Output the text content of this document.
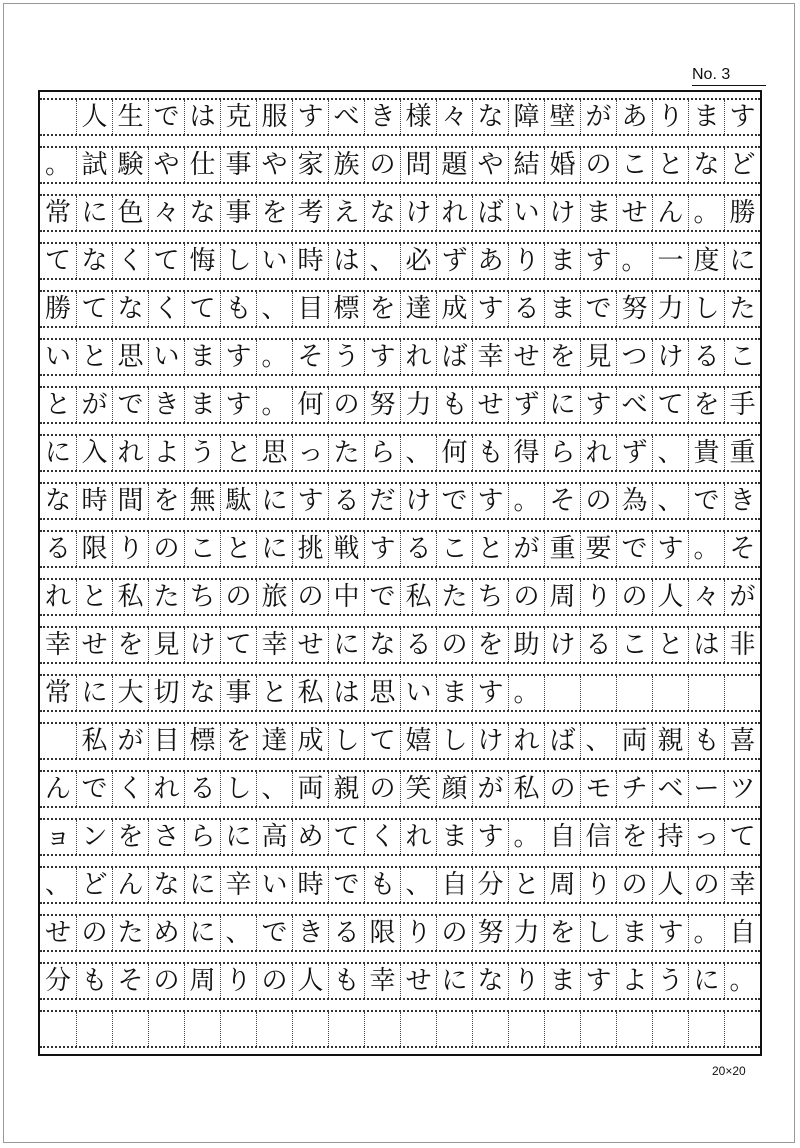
No. 3

人 生 で は 克 服 す べ き 様 々 な 障 壁 が あ り ま す
。 試 験 や 仕 事 や 家 族 の 問 題 や 結 婚 の こ と な ど
常 に 色 々 な 事 を 考 え な け れ ば い け ま せ ん 。 勝
て な く て 悔 し い 時 は 、 必 ず あ り ま す 。 一 度 に
勝 て な く て も 、 目 標 を 達 成 す る ま で 努 力 し た
い と 思 い ま す 。 そ う す れ ば 幸 せ を 見 つ け る こ
と が で き ま す 。 何 の 努 力 も せ ず に す べ て を 手
に 入 れ よ う と 思 っ た ら 、 何 も 得 ら れ ず 、 貴 重
な 時 間 を 無 駄 に す る だ け で す 。 そ の 為 、 で き
る 限 り の こ と に 挑 戦 す る こ と が 重 要 で す 。 そ
れ と 私 た ち の 旅 の 中 で 私 た ち の 周 り の 人 々 が
幸 せ を 見 け て 幸 せ に な る の を 助 け る こ と は 非
常 に 大 切 な 事 と 私 は 思 い ま す 。

私 が 目 標 を 達 成 し て 嬉 し け れ ば 、 両 親 も 喜
ん で く れ る し 、 両 親 の 笑 顔 が 私 の モ チ ベ ー ツ
ョ ン を さ ら に 高 め て く れ ま す 。 自 信 を 持 っ て
、 ど ん な に 辛 い 時 で も 、 自 分 と 周 り の 人 の 幸
せ の た め に 、 で き る 限 り の 努 力 を し ま す 。 自
分 も そ の 周 り の 人 も 幸 せ に な り ま す よ う に 。
20×20
